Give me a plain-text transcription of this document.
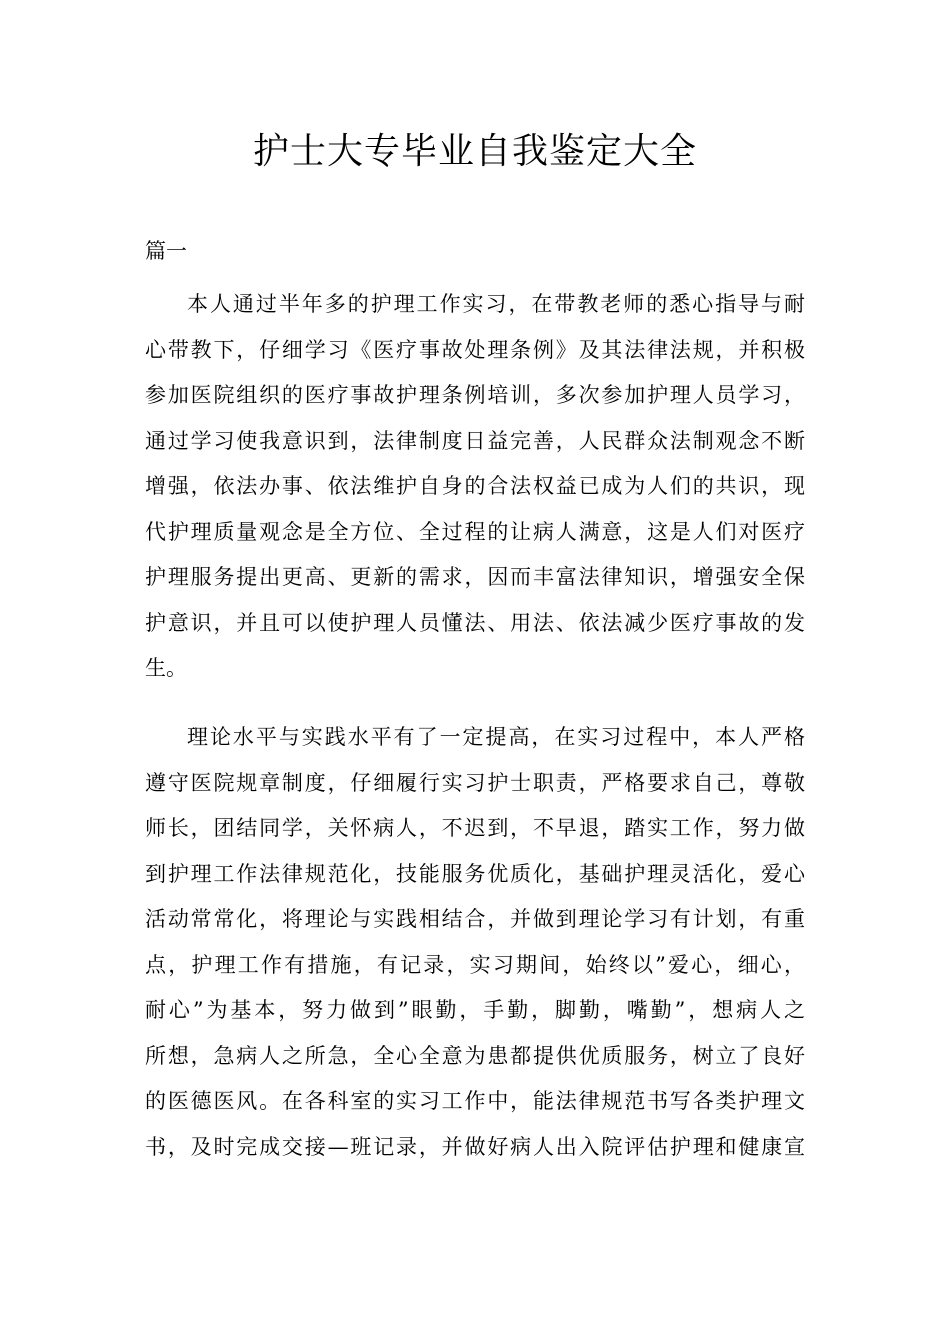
护士大专毕业自我鉴定大全

篇一

本人通过半年多的护理工作实习，在带教老师的悉心指导与耐
心带教下，仔细学习《医疗事故处理条例》及其法律法规，并积极
参加医院组织的医疗事故护理条例培训，多次参加护理人员学习，
通过学习使我意识到，法律制度日益完善，人民群众法制观念不断
增强，依法办事、依法维护自身的合法权益已成为人们的共识，现
代护理质量观念是全方位、全过程的让病人满意，这是人们对医疗
护理服务提出更高、更新的需求，因而丰富法律知识，增强安全保
护意识，并且可以使护理人员懂法、用法、依法减少医疗事故的发
生。
理论水平与实践水平有了一定提高，在实习过程中，本人严格
遵守医院规章制度，仔细履行实习护士职责，严格要求自己，尊敬
师长，团结同学，关怀病人，不迟到，不早退，踏实工作，努力做
到护理工作法律规范化，技能服务优质化，基础护理灵活化，爱心
活动常常化，将理论与实践相结合，并做到理论学习有计划，有重
点，护理工作有措施，有记录，实习期间，始终以”爱心，细心，
耐心”为基本，努力做到”眼勤，手勤，脚勤，嘴勤”，想病人之
所想，急病人之所急，全心全意为患都提供优质服务，树立了良好
的医德医风。在各科室的实习工作中，能法律规范书写各类护理文
书，及时完成交接—班记录，并做好病人出入院评估护理和健康宣
